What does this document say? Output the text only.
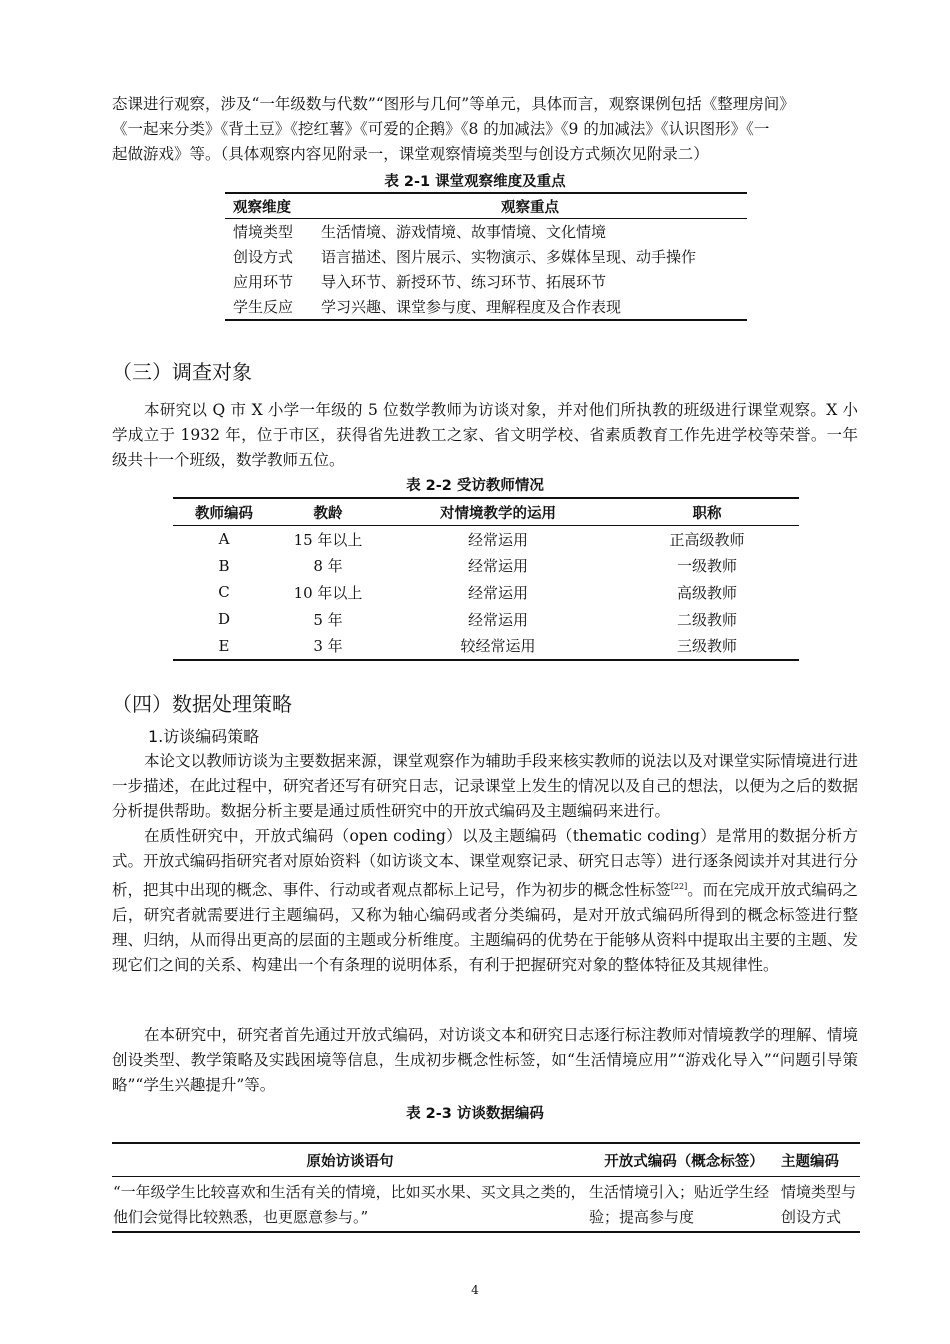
态课进行观察，涉及“一年级数与代数”“图形与几何”等单元，具体而言，观察课例包括《整理房间》

《一起来分类》《背土豆》《挖红薯》《可爱的企鹅》《8 的加减法》《9 的加减法》《认识图形》《一

起做游戏》等。（具体观察内容见附录一，课堂观察情境类型与创设方式频次见附录二）

表 2-1 课堂观察维度及重点
观察维度	观察重点
情境类型	生活情境、游戏情境、故事情境、文化情境
创设方式	语言描述、图片展示、实物演示、多媒体呈现、动手操作
应用环节	导入环节、新授环节、练习环节、拓展环节
学生反应	学习兴趣、课堂参与度、理解程度及合作表现
（三）调查对象

本研究以 Q 市 X 小学一年级的 5 位数学教师为访谈对象，并对他们所执教的班级进行课堂观察。X 小学成立于 1932 年，位于市区，获得省先进教工之家、省文明学校、省素质教育工作先进学校等荣誉。一年级共十一个班级，数学教师五位。

表 2-2 受访教师情况
教师编码	教龄	对情境教学的运用	职称
A	15 年以上	经常运用	正高级教师
B	8 年	经常运用	一级教师
C	10 年以上	经常运用	高级教师
D	5 年	经常运用	二级教师
E	3 年	较经常运用	三级教师
（四）数据处理策略
1.访谈编码策略

本论文以教师访谈为主要数据来源，课堂观察作为辅助手段来核实教师的说法以及对课堂实际情境进行进一步描述，在此过程中，研究者还写有研究日志，记录课堂上发生的情况以及自己的想法，以便为之后的数据分析提供帮助。数据分析主要是通过质性研究中的开放式编码及主题编码来进行。

在质性研究中，开放式编码（open coding）以及主题编码（thematic coding）是常用的数据分析方式。开放式编码指研究者对原始资料（如访谈文本、课堂观察记录、研究日志等）进行逐条阅读并对其进行分析，把其中出现的概念、事件、行动或者观点都标上记号，作为初步的概念性标签[22]。而在完成开放式编码之后，研究者就需要进行主题编码，又称为轴心编码或者分类编码，是对开放式编码所得到的概念标签进行整理、归纳，从而得出更高的层面的主题或分析维度。主题编码的优势在于能够从资料中提取出主要的主题、发现它们之间的关系、构建出一个有条理的说明体系，有利于把握研究对象的整体特征及其规律性。

在本研究中，研究者首先通过开放式编码，对访谈文本和研究日志逐行标注教师对情境教学的理解、情境创设类型、教学策略及实践困境等信息，生成初步概念性标签，如“生活情境应用”“游戏化导入”“问题引导策略”“学生兴趣提升”等。

表 2-3 访谈数据编码
原始访谈语句	开放式编码（概念标签）	主题编码
“一年级学生比较喜欢和生活有关的情境，比如买水果、买文具之类的，他们会觉得比较熟悉，也更愿意参与。”	生活情境引入；贴近学生经验；提高参与度	情境类型与创设方式
4
